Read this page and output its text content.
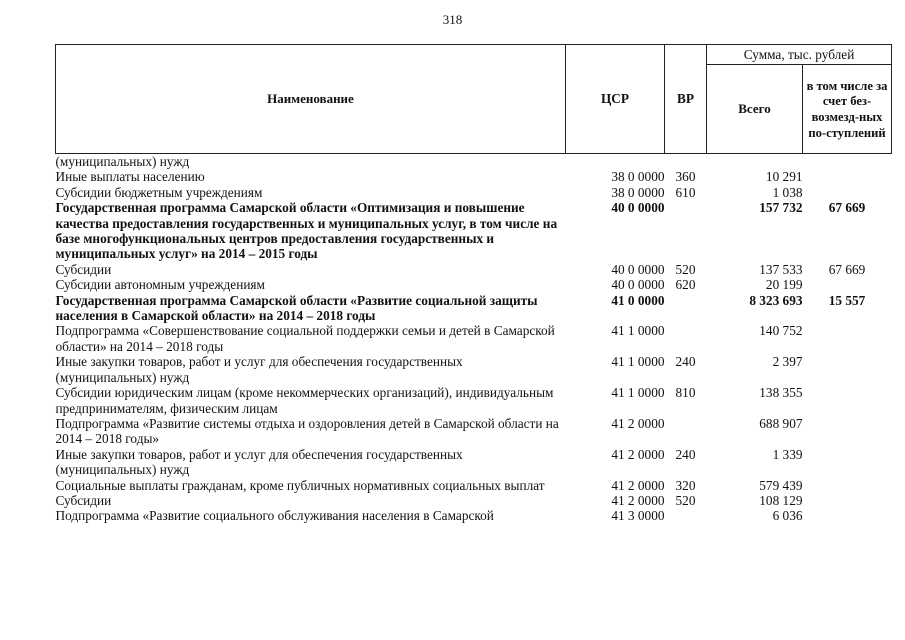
318
Наименование	ЦСР	ВР	Сумма, тыс. рублей	
			Всего	в том числе за счет без-возмезд-ных по-ступлений
(муниципальных) нужд				
Иные выплаты населению	38 0 0000	360	10 291	
Субсидии бюджетным учреждениям	38 0 0000	610	1 038	
Государственная программа Самарской области «Оптимизация и повышение качества предоставления государственных и муниципальных услуг, в том числе на базе многофункциональных центров предоставления государственных и муниципальных услуг» на 2014 – 2015 годы	40 0 0000		157 732	67 669
Субсидии	40 0 0000	520	137 533	67 669
Субсидии автономным учреждениям	40 0 0000	620	20 199	
Государственная программа Самарской области «Развитие социальной защиты населения в Самарской области» на 2014 – 2018 годы	41 0 0000		8 323 693	15 557
Подпрограмма «Совершенствование социальной поддержки семьи и детей в Самарской области» на 2014 – 2018 годы	41 1 0000		140 752	
Иные закупки товаров, работ и услуг для обеспечения государственных (муниципальных) нужд	41 1 0000	240	2 397	
Субсидии юридическим лицам (кроме некоммерческих организаций), индивидуальным предпринимателям, физическим лицам	41 1 0000	810	138 355	
Подпрограмма «Развитие системы отдыха и оздоровления детей в Самарской области на 2014 – 2018 годы»	41 2 0000		688 907	
Иные закупки товаров, работ и услуг для обеспечения государственных (муниципальных) нужд	41 2 0000	240	1 339	
Социальные выплаты гражданам, кроме публичных нормативных социальных выплат	41 2 0000	320	579 439	
Субсидии	41 2 0000	520	108 129	
Подпрограмма «Развитие социального обслуживания населения в Самарской	41 3 0000		6 036	
